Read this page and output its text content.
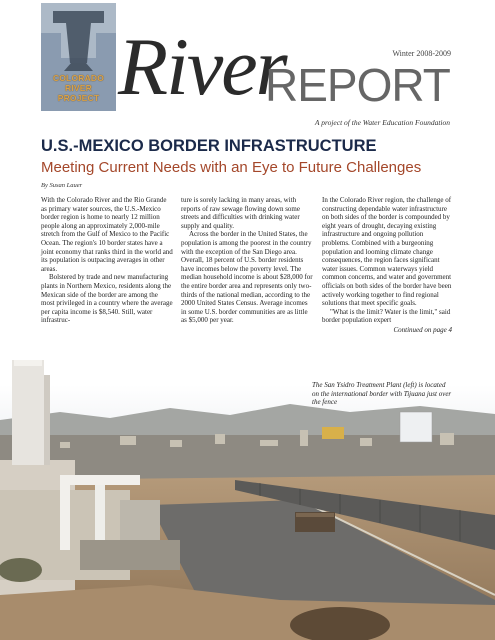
COLORADO RIVER PROJECT
Winter 2008-2009
River
REPORT
A project of the Water Education Foundation
U.S.-MEXICO BORDER INFRASTRUCTURE
Meeting Current Needs with an Eye to Future Challenges
By Susan Lauer

With the Colorado River and the Rio Grande as primary water sources, the U.S.-Mexico border region is home to nearly 12 million people along an approximately 2,000-mile stretch from the Gulf of Mexico to the Pacific Ocean. The region's 10 border states have a joint economy that ranks third in the world and its population is outpacing averages in other areas.

Bolstered by trade and new manufacturing plants in Northern Mexico, residents along the Mexican side of the border are among the most privileged in a country where the average per capita income is $8,540. Still, water infrastruc-

ture is sorely lacking in many areas, with reports of raw sewage flowing down some streets and difficulties with drinking water supply and quality.

Across the border in the United States, the population is among the poorest in the country with the exception of the San Diego area. Overall, 18 percent of U.S. border residents have incomes below the poverty level. The median household income is about $28,000 for the entire border area and represents only two-thirds of the national median, according to the 2000 United States Census. Average incomes in some U.S. border communities are as little as $5,000 per year.

In the Colorado River region, the challenge of constructing dependable water infrastructure on both sides of the border is compounded by eight years of drought, decaying existing infrastructure and ongoing pollution problems. Combined with a burgeoning population and looming climate change consequences, the region faces significant water issues. Common waterways yield common concerns, and water and government officials on both sides of the border have been actively working together to find regional solutions that meet specific goals.

"What is the limit? Water is the limit," said border population expert

Continued on page 4
The San Ysidro Treatment Plant (left) is located on the international border with Tijuana just over the fence
